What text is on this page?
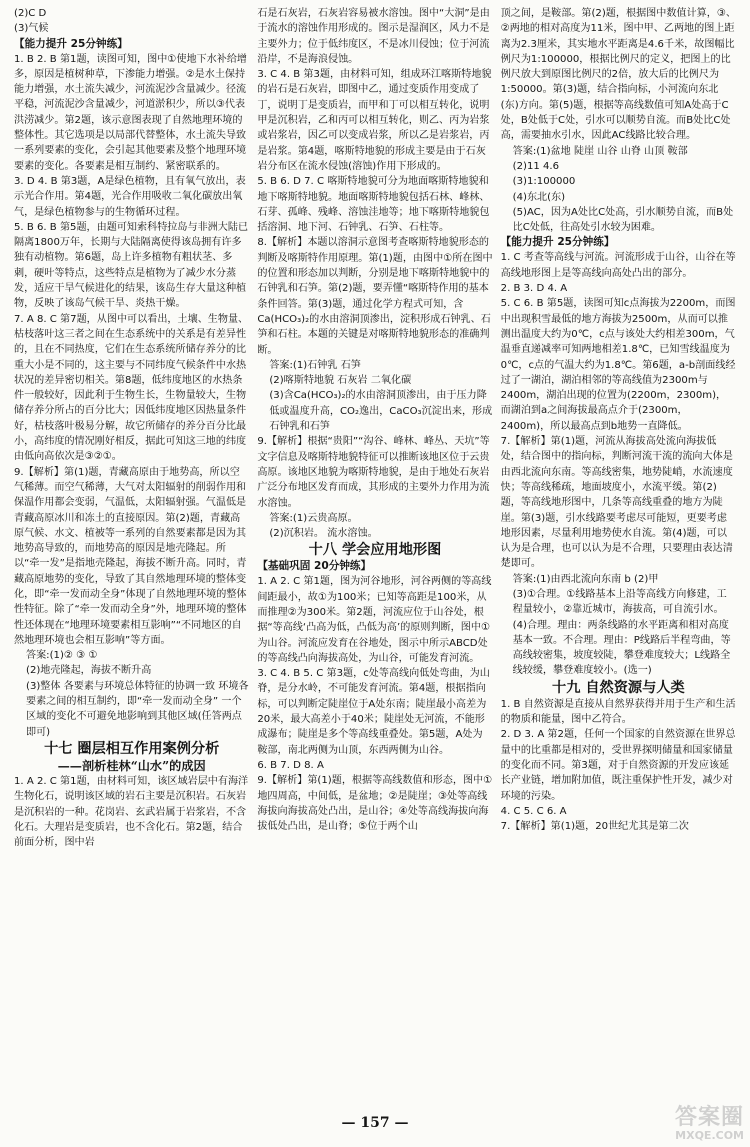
(2)C D

(3)气候

【能力提升 25分钟练】

1. B 2. B 第1题，读图可知，图中①使地下水补给增多，原因是植树种草，下渗能力增强。②是水土保持能力增强，水土流失减少，河流泥沙含量减少。径流平稳，河流泥沙含量减少，河道淤积少，所以③代表洪涝减少。第2题，该示意图表现了自然地理环境的整体性。其它选项是以局部代替整体，水土流失导致一系列要素的变化，会引起其他要素及整个地理环境要素的变化。各要素是相互制约、紧密联系的。

3. D 4. B 第3题，A是绿色植物，且有氧气放出，表示光合作用。第4题，光合作用吸收二氧化碳放出氧气，是绿色植物参与的生物循环过程。

5. B 6. B 第5题，由题可知索科特拉岛与非洲大陆已隔离1800万年，长期与大陆隔离使得该岛拥有许多独有动植物。第6题，岛上许多植物有粗状茎、多刺，硬叶等特点，这些特点是植物为了减少水分蒸发，适应干旱气候进化的结果，该岛生存大量这种植物，反映了该岛气候干旱、炎热干燥。

7. A 8. C 第7题，从图中可以看出，土壤、生物量、枯枝落叶这三者之间在生态系统中的关系是有差异性的，且在不同热度，它们在生态系统所储存养分的比重大小是不同的，这主要与不同纬度气候条件中水热状况的差异密切相关。第8题，低纬度地区的水热条件一般较好，因此利于生物生长，生物量较大，生物储存养分所占的百分比大；因低纬度地区因热量条件好，枯枝落叶极易分解，故它所储存的养分百分比最小，高纬度的情况刚好相反，据此可知这三地的纬度由低向高依次是③②①。

9.【解析】第(1)题，青藏高原由于地势高，所以空气稀薄。而空气稀薄，大气对太阳辐射的削弱作用和保温作用都会变弱，气温低，太阳辐射强。气温低是青藏高原冰川和冻土的直接原因。第(2)题，青藏高原气候、水文、植被等一系列的自然要素都是因为其地势高导致的，而地势高的原因是地壳隆起。所以“牵一发”是指地壳隆起，海拔不断升高。同时，青藏高原地势的变化，导致了其自然地理环境的整体变化，即“牵一发而动全身”体现了自然地理环境的整体性特征。除了“牵一发而动全身”外，地理环境的整体性还体现在“地理环境要素相互影响”“不同地区的自然地理环境也会相互影响”等方面。

答案:(1)② ③ ①

(2)地壳隆起，海拔不断升高

(3)整体 各要素与环境总体特征的协调一致 环境各要素之间的相互制约，即“牵一发而动全身” 一个区域的变化不可避免地影响到其他区域(任答两点即可)

十七 圈层相互作用案例分析

——剖析桂林“山水”的成因

1. A 2. C 第1题，由材料可知，该区域岩层中有海洋生物化石，说明该区域的岩石主要是沉积岩。石灰岩是沉积岩的一种。花岗岩、玄武岩属于岩浆岩，不含化石。大理岩是变质岩，也不含化石。第2题，结合前面分析，图中岩

石是石灰岩，石灰岩容易被水溶蚀。图中“大洞”是由于流水的溶蚀作用形成的。图示是湿润区，风力不是主要外力；位于低纬度区，不是冰川侵蚀；位于河流沿岸，不是海浪侵蚀。

3. C 4. B 第3题，由材料可知，组成环江喀斯特地貌的岩石是石灰岩，即图中乙，通过变质作用变成了丁，说明丁是变质岩，而甲和丁可以相互转化，说明甲是沉积岩，乙和丙可以相互转化，则乙、丙为岩浆或岩浆岩，因乙可以变成岩浆，所以乙是岩浆岩，丙是岩浆。第4题，喀斯特地貌的形成主要是由于石灰岩分布区在流水侵蚀(溶蚀)作用下形成的。

5. B 6. D 7. C 喀斯特地貌可分为地面喀斯特地貌和地下喀斯特地貌。地面喀斯特地貌包括石林、峰林、石芽、孤峰、残峰、溶蚀洼地等；地下喀斯特地貌包括溶洞、地下河、石钟乳、石笋、石柱等。

8.【解析】本题以溶洞示意图考查喀斯特地貌形态的判断及喀斯特作用原理。第(1)题，由图中①所在图中的位置和形态加以判断，分别是地下喀斯特地貌中的石钟乳和石笋。第(2)题，要弄懂“喀斯特作用的基本条件回答。第(3)题，通过化学方程式可知，含Ca(HCO₃)₂的水由溶洞顶渗出，淀积形成石钟乳、石笋和石柱。本题的关键是对喀斯特地貌形态的准确判断。

答案:(1)石钟乳 石笋

(2)喀斯特地貌 石灰岩 二氧化碳

(3)含Ca(HCO₃)₂的水由溶洞顶渗出，由于压力降低或温度升高，CO₂逸出，CaCO₃沉淀出来，形成石钟乳和石笋

9.【解析】根据“贵阳”“沟谷、峰林、峰丛、天坑”等文字信息及喀斯特地貌特征可以推断该地区位于云贵高原。该地区地貌为喀斯特地貌，是由于地处石灰岩广泛分布地区发育而成，其形成的主要外力作用为流水溶蚀。

答案:(1)云贵高原。

(2)沉积岩。 流水溶蚀。

十八 学会应用地形图

【基础巩固 20分钟练】

1. A 2. C 第1题，图为河谷地形，河谷两侧的等高线间距最小，故①为100米；已知等高距是100米，从而推理②为300米。第2题，河流应位于山谷处，根据“等高线‘凸高为低，凸低为高’的原则判断，图中①为山谷。河流应发育在谷地处，图示中所示ABCD处的等高线凸向海拔高处，为山谷，可能发育河流。

3. C 4. B 5. C 第3题，c处等高线向低处弯曲，为山脊，是分水岭，不可能发育河流。第4题，根据指向标，可以判断定陡崖位于A处东南；陡崖最小高差为20米，最大高差小于40米；陡崖处无河流，不能形成瀑布；陡崖是多个等高线重叠处。第5题，A处为鞍部，南北两侧为山顶，东西两侧为山谷。

6. B 7. D 8. A

9.【解析】第(1)题，根据等高线数值和形态，图中①地四周高，中间低，是盆地；②是陡崖；③处等高线海拔向海拔高处凸出，是山谷；④处等高线海拔向海拔低处凸出，是山脊；⑤位于两个山

顶之间，是鞍部。第(2)题，根据图中数值计算，③、②两地的相对高度为11米，图中甲、乙两地的图上距离为2.3厘米，其实地水平距离是4.6千米，故图幅比例尺为1:100000，根据比例尺的定义，把图上的比例尺放大到原图比例尺的2倍，放大后的比例尺为1:50000。第(3)题，结合指向标，小河流向东北(东)方向。第(5)题，根据等高线数值可知A处高于C处，B处低于C处，引水可以顺势自流。而B处比C处高，需要抽水引水，因此AC线路比较合理。

答案:(1)盆地 陡崖 山谷 山脊 山顶 鞍部

(2)11 4.6

(3)1:100000

(4)东北(东)

(5)AC，因为A处比C处高，引水顺势自流，而B处比C处低，往高处引水较为困难。

【能力提升 25分钟练】

1. C 考查等高线与河流。河流形成于山谷，山谷在等高线地形图上是等高线向高处凸出的部分。

2. B 3. D 4. A

5. C 6. B 第5题，读图可知c点海拔为2200m，而图中出现积雪最低的地方海拔为2500m，从而可以推测出温度大约为0℃，c点与该处大约相差300m，气温垂直递减率可知两地相差1.8℃，已知雪线温度为0℃，c点的气温大约为1.8℃。第6题，a-b剖面线经过了一湖泊，湖泊相邻的等高线值为2300m与2400m，湖泊出现的位置为(2200m，2300m)，而湖泊到a之间海拔最高点介于(2300m，2400m)，所以最高点到b地势一直降低。

7.【解析】第(1)题，河流从海拔高处流向海拔低处，结合图中的指向标，判断河流干流的流向大体是由西北流向东南。等高线密集，地势陡峭，水流速度快；等高线稀疏，地面坡度小，水流平缓。第(2)题，等高线地形图中，几条等高线重叠的地方为陡崖。第(3)题，引水线路要考虑尽可能短，更要考虑地形因素，尽量利用地势使水自流。第(4)题，可以认为是合理，也可以认为是不合理，只要理由表达清楚即可。

答案:(1)由西北流向东南 b (2)甲

(3)①合理。①线路基本上沿等高线方向修建，工程量较小，②靠近城市，海拔高，可自流引水。

(4)合理。理由：两条线路的水平距离和相对高度基本一致。不合理。理由：P线路后半程弯曲，等高线较密集，坡度较陡，攀登难度较大；L线路全线较缓，攀登难度较小。(选一)

十九 自然资源与人类

1. B 自然资源是直接从自然界获得并用于生产和生活的物质和能量，图中乙符合。

2. D 3. A 第2题，任何一个国家的自然资源在世界总量中的比重都是相对的，受世界探明储量和国家储量的变化而不同。第3题，对于自然资源的开发应该延长产业链，增加附加值，既注重保护性开发，减少对环境的污染。

4. C 5. C 6. A

7.【解析】第(1)题，20世纪尤其是第二次

— 157 —	答案圈
MXQE.COM
